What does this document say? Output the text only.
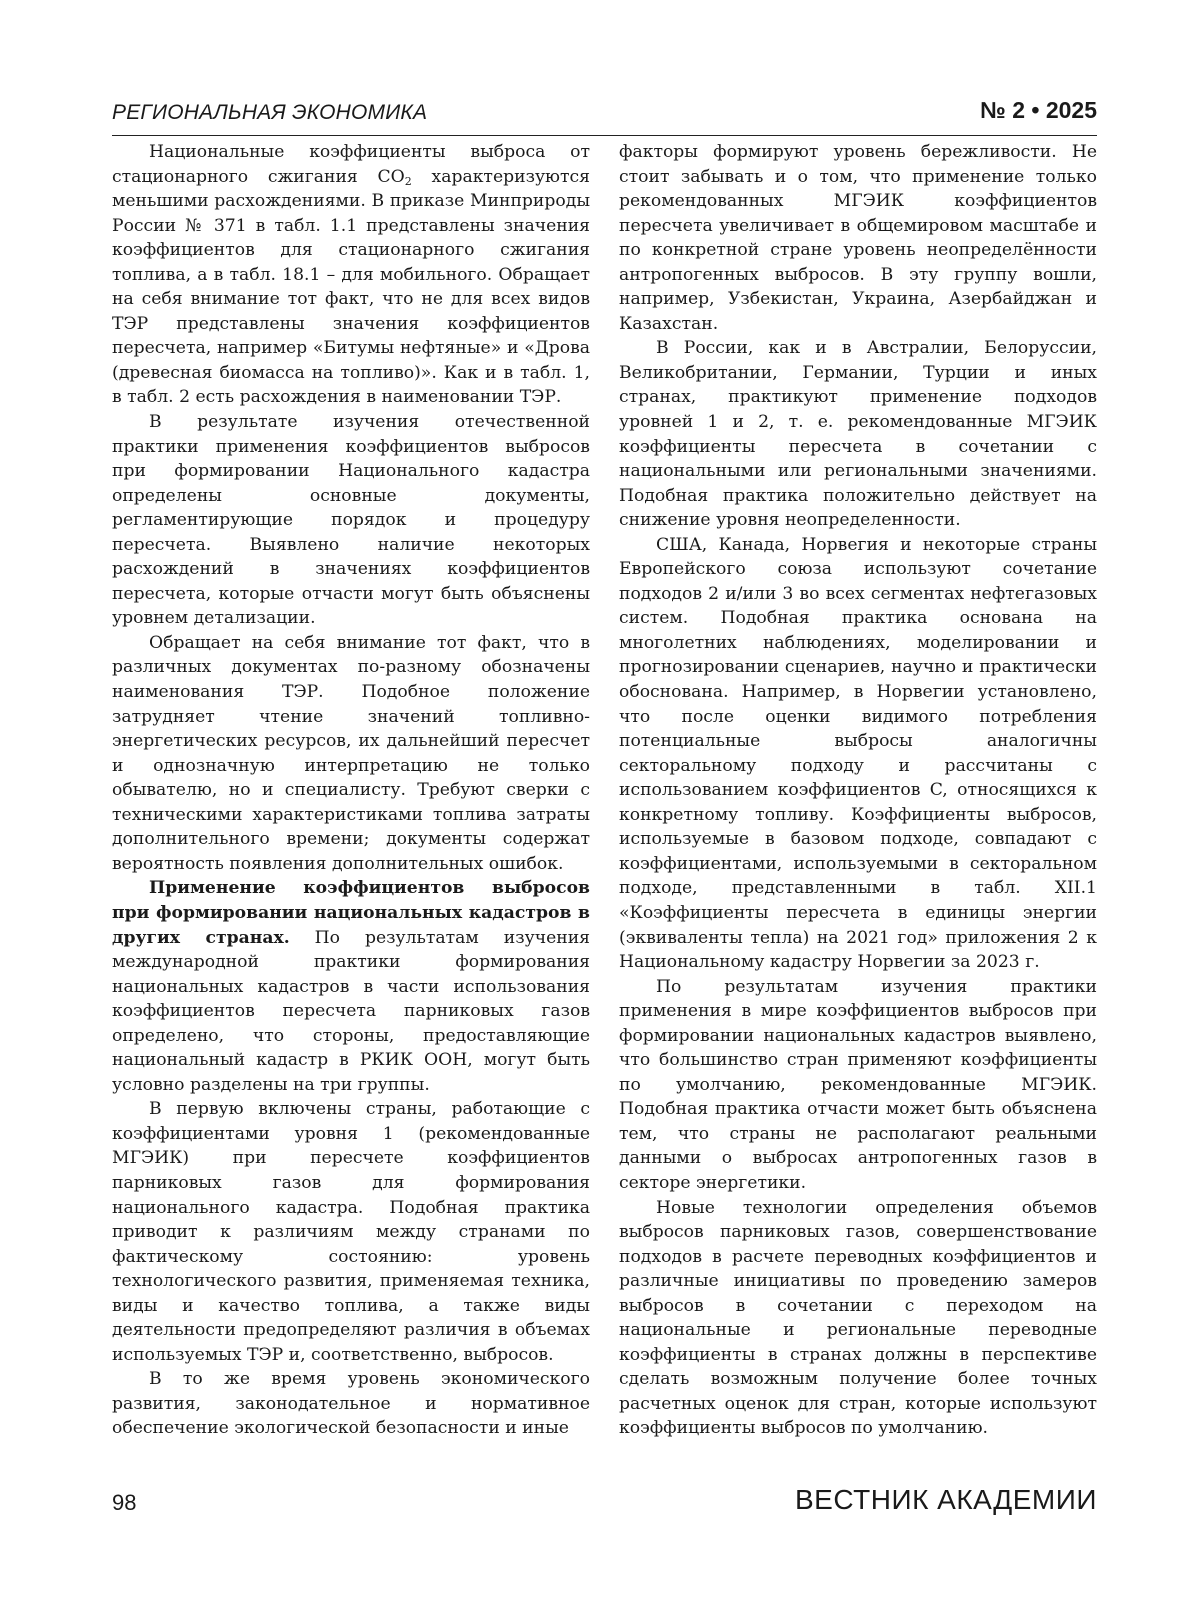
РЕГИОНАЛЬНАЯ ЭКОНОМИКА	№ 2 • 2025

Национальные коэффициенты выброса от стационарного сжигания $CO_2$ характеризуются меньшими расхождениями. В приказе Минприроды России № 371 в табл. 1.1 представлены значения коэффициентов для стационарного сжигания топлива, а в табл. 18.1 – для мобильного. Обращает на себя внимание тот факт, что не для всех видов ТЭР представлены значения коэффициентов пересчета, например «Битумы нефтяные» и «Дрова (древесная биомасса на топливо)». Как и в табл. 1, в табл. 2 есть расхождения в наименовании ТЭР.

В результате изучения отечественной практики применения коэффициентов выбросов при формировании Национального кадастра определены основные документы, регламентирующие порядок и процедуру пересчета. Выявлено наличие некоторых расхождений в значениях коэффициентов пересчета, которые отчасти могут быть объяснены уровнем детализации.

Обращает на себя внимание тот факт, что в различных документах по-разному обозначены наименования ТЭР. Подобное положение затрудняет чтение значений топливно-энергетических ресурсов, их дальнейший пересчет и однозначную интерпретацию не только обывателю, но и специалисту. Требуют сверки с техническими характеристиками топлива затраты дополнительного времени; документы содержат вероятность появления дополнительных ошибок.

Применение коэффициентов выбросов при формировании национальных кадастров в других странах. По результатам изучения международной практики формирования национальных кадастров в части использования коэффициентов пересчета парниковых газов определено, что стороны, предоставляющие национальный кадастр в РКИК ООН, могут быть условно разделены на три группы.

В первую включены страны, работающие с коэффициентами уровня 1 (рекомендованные МГЭИК) при пересчете коэффициентов парниковых газов для формирования национального кадастра. Подобная практика приводит к различиям между странами по фактическому состоянию: уровень технологического развития, применяемая техника, виды и качество топлива, а также виды деятельности предопределяют различия в объемах используемых ТЭР и, соответственно, выбросов.

В то же время уровень экономического развития, законодательное и нормативное обеспечение экологической безопасности и иные

факторы формируют уровень бережливости. Не стоит забывать и о том, что применение только рекомендованных МГЭИК коэффициентов пересчета увеличивает в общемировом масштабе и по конкретной стране уровень неопределённости антропогенных выбросов. В эту группу вошли, например, Узбекистан, Украина, Азербайджан и Казахстан.

В России, как и в Австралии, Белоруссии, Великобритании, Германии, Турции и иных странах, практикуют применение подходов уровней 1 и 2, т. е. рекомендованные МГЭИК коэффициенты пересчета в сочетании с национальными или региональными значениями. Подобная практика положительно действует на снижение уровня неопределенности.

США, Канада, Норвегия и некоторые страны Европейского союза используют сочетание подходов 2 и/или 3 во всех сегментах нефтегазовых систем. Подобная практика основана на многолетних наблюдениях, моделировании и прогнозировании сценариев, научно и практически обоснована. Например, в Норвегии установлено, что после оценки видимого потребления потенциальные выбросы аналогичны секторальному подходу и рассчитаны с использованием коэффициентов C, относящихся к конкретному топливу. Коэффициенты выбросов, используемые в базовом подходе, совпадают с коэффициентами, используемыми в секторальном подходе, представленными в табл. XII.1 «Коэффициенты пересчета в единицы энергии (эквиваленты тепла) на 2021 год» приложения 2 к Национальному кадастру Норвегии за 2023 г.

По результатам изучения практики применения в мире коэффициентов выбросов при формировании национальных кадастров выявлено, что большинство стран применяют коэффициенты по умолчанию, рекомендованные МГЭИК. Подобная практика отчасти может быть объяснена тем, что страны не располагают реальными данными о выбросах антропогенных газов в секторе энергетики.

Новые технологии определения объемов выбросов парниковых газов, совершенствование подходов в расчете переводных коэффициентов и различные инициативы по проведению замеров выбросов в сочетании с переходом на национальные и региональные переводные коэффициенты в странах должны в перспективе сделать возможным получение более точных расчетных оценок для стран, которые используют коэффициенты выбросов по умолчанию.

98	ВЕСТНИК АКАДЕМИИ
